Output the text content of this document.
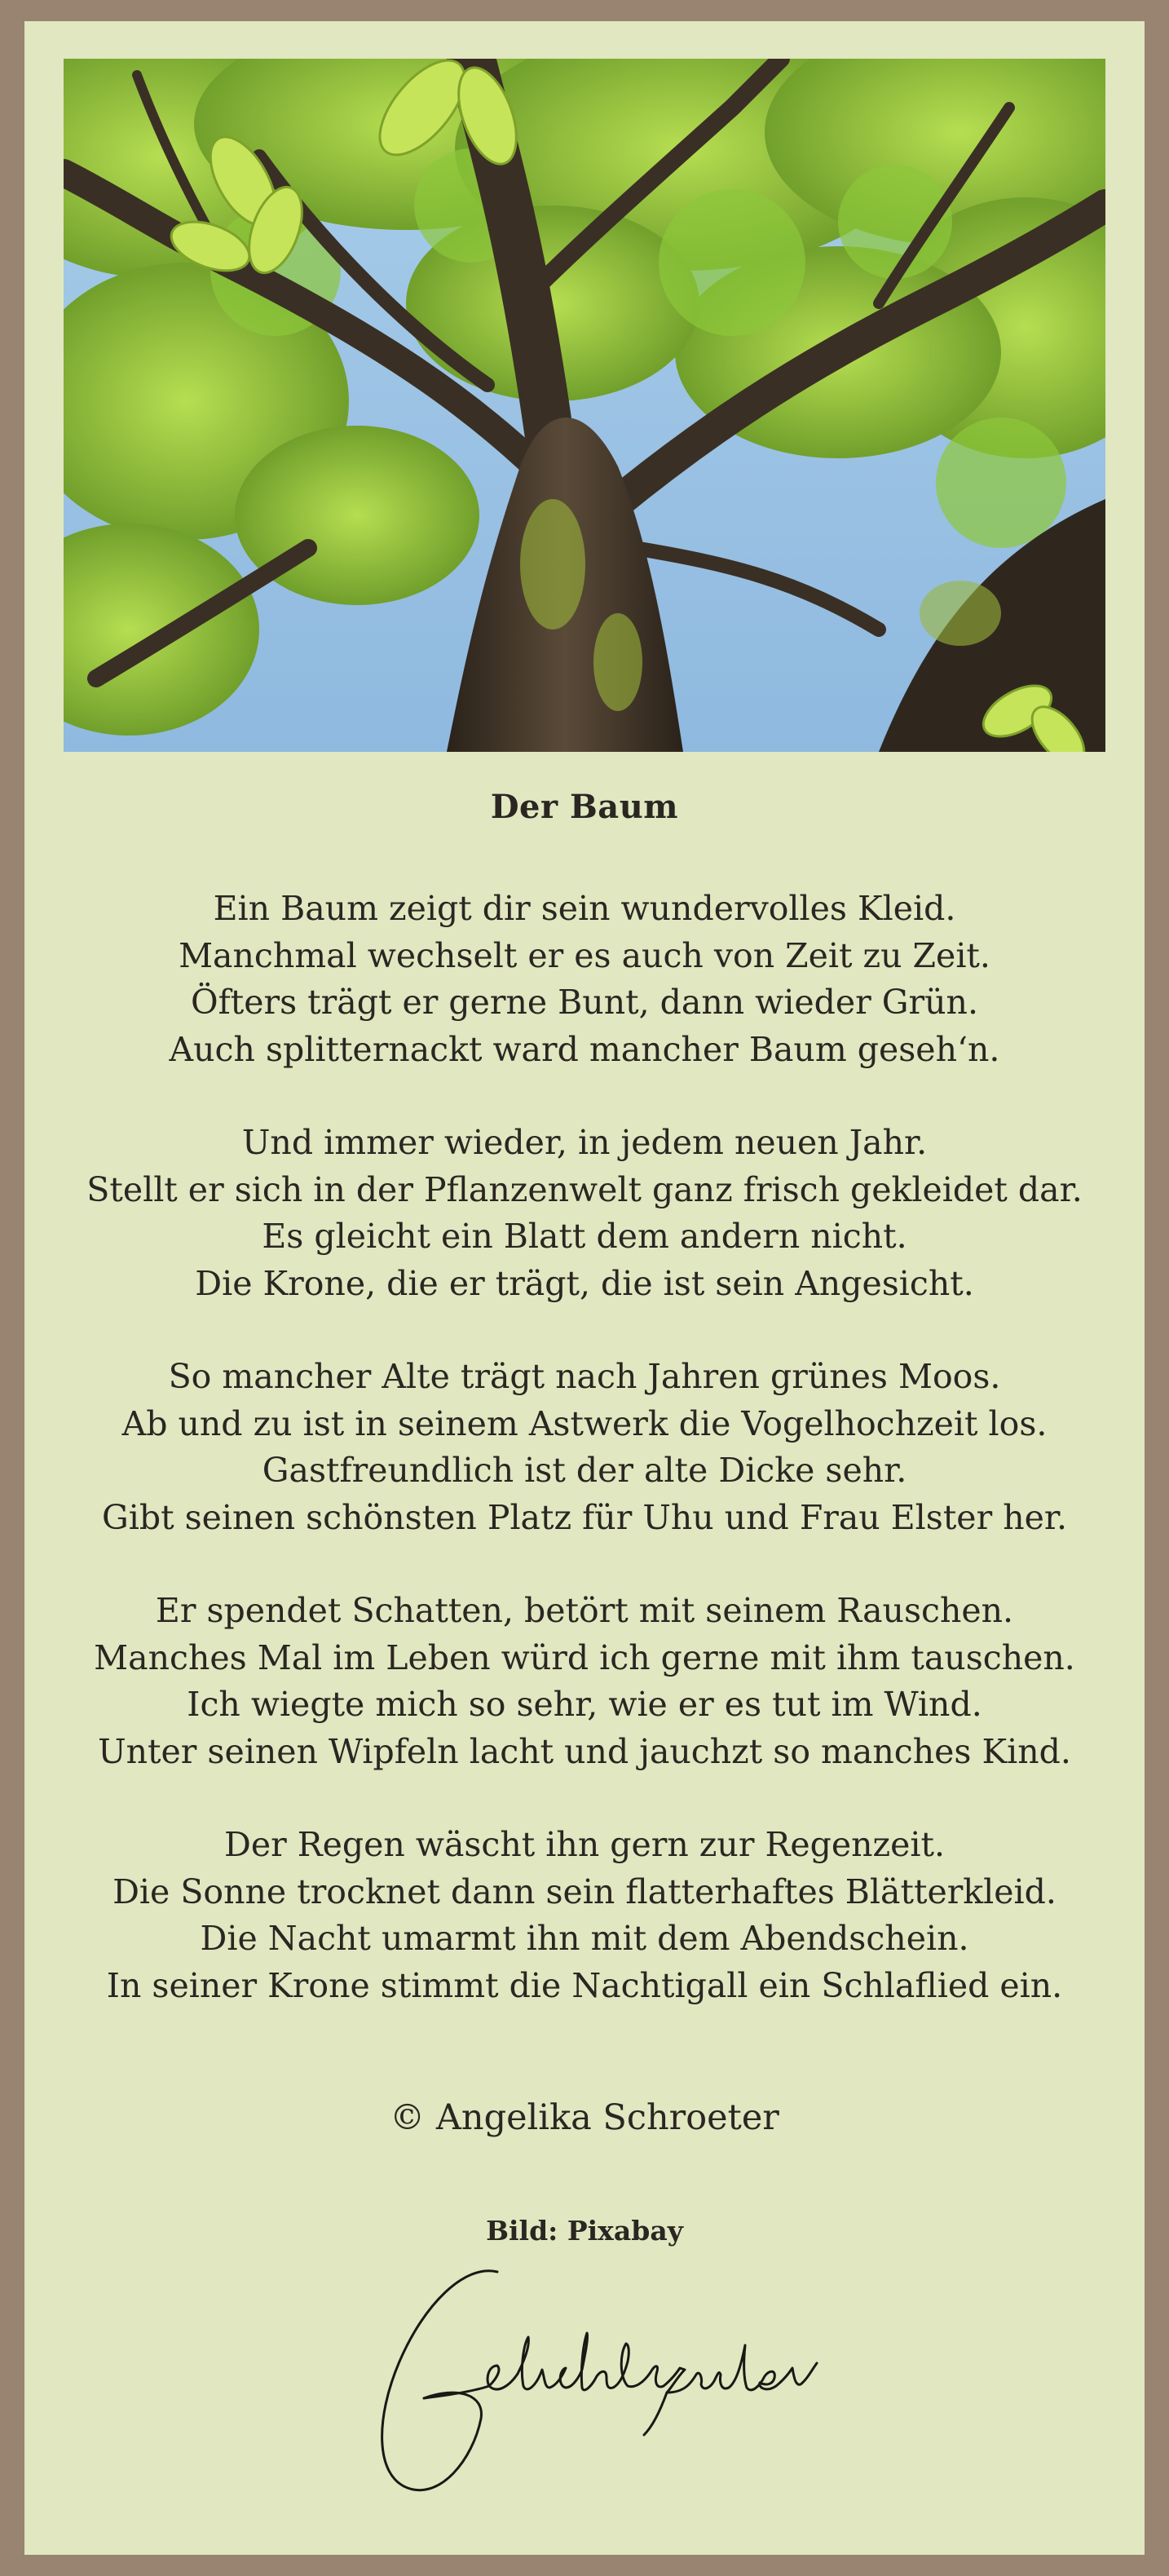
Der Baum
Ein Baum zeigt dir sein wundervolles Kleid.
Manchmal wechselt er es auch von Zeit zu Zeit.
Öfters trägt er gerne Bunt, dann wieder Grün.
Auch splitternackt ward mancher Baum geseh‘n.
Und immer wieder, in jedem neuen Jahr.
Stellt er sich in der Pflanzenwelt ganz frisch gekleidet dar.
Es gleicht ein Blatt dem andern nicht.
Die Krone, die er trägt, die ist sein Angesicht.
So mancher Alte trägt nach Jahren grünes Moos.
Ab und zu ist in seinem Astwerk die Vogelhochzeit los.
Gastfreundlich ist der alte Dicke sehr.
Gibt seinen schönsten Platz für Uhu und Frau Elster her.
Er spendet Schatten, betört mit seinem Rauschen.
Manches Mal im Leben würd ich gerne mit ihm tauschen.
Ich wiegte mich so sehr, wie er es tut im Wind.
Unter seinen Wipfeln lacht und jauchzt so manches Kind.
Der Regen wäscht ihn gern zur Regenzeit.
Die Sonne trocknet dann sein flatterhaftes Blätterkleid.
Die Nacht umarmt ihn mit dem Abendschein.
In seiner Krone stimmt die Nachtigall ein Schlaflied ein.
© Angelika Schroeter
Bild: Pixabay
